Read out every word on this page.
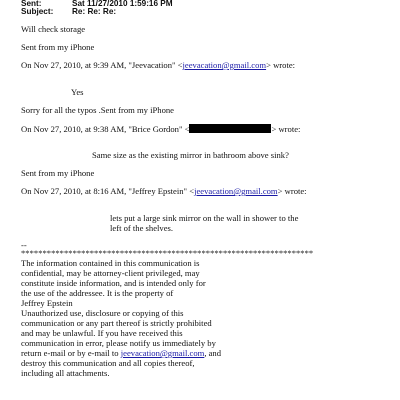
Sent:	Sat 11/27/2010 1:59:16 PM
Subject: Re: Re: Re:
Will check storage
Sent from my iPhone
On Nov 27, 2010, at 9:39 AM, "Jeevacation" <jeevacation@gmail.com> wrote:
Yes
Sorry for all the typos .Sent from my iPhone
On Nov 27, 2010, at 9:38 AM, "Brice Gordon" <	> wrote:
Same size as the existing mirror in bathroom above sink?
Sent from my iPhone
On Nov 27, 2010, at 8:16 AM, "Jeffrey Epstein" <jeevacation@gmail.com> wrote:
lets put a large sink mirror on the wall in shower to the
left of the shelves.
--
********************************************************************
The information contained in this communication is
confidential, may be attorney-client privileged, may
constitute inside information, and is intended only for
the use of the addressee. It is the property of
Jeffrey Epstein
Unauthorized use, disclosure or copying of this
communication or any part thereof is strictly prohibited
and may be unlawful. If you have received this
communication in error, please notify us immediately by
return e-mail or by e-mail to jeevacation@gmail.com, and
destroy this communication and all copies thereof,
including all attachments.
